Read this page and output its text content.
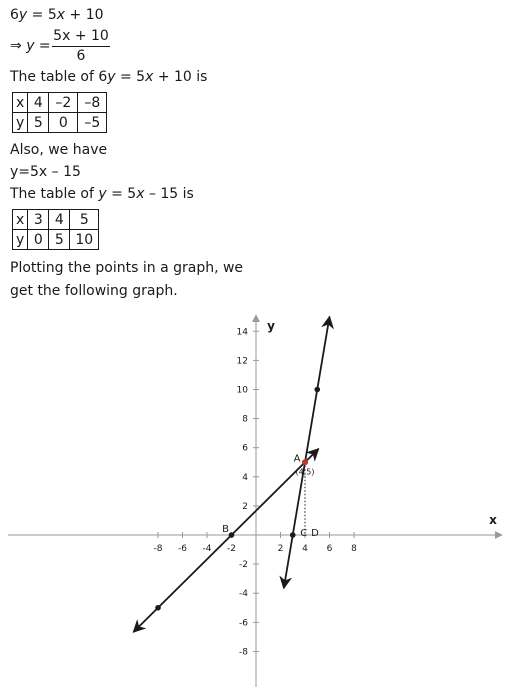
6y = 5x + 10
⇒ y =
5x + 10
6
The table of 6y = 5x + 10 is
x	4	–2	–8
y	5	0	–5
Also, we have
y=5x – 15
The table of y = 5x – 15 is
x	3	4	5
y	0	5	10
Plotting the points in a graph, we
get the following graph.
-8 -6 -4 -2	2 4 6 8
14
12
10
8
6
4
2
-2
-4
-6
-8
x
y
A
(4,5)
B	C D
